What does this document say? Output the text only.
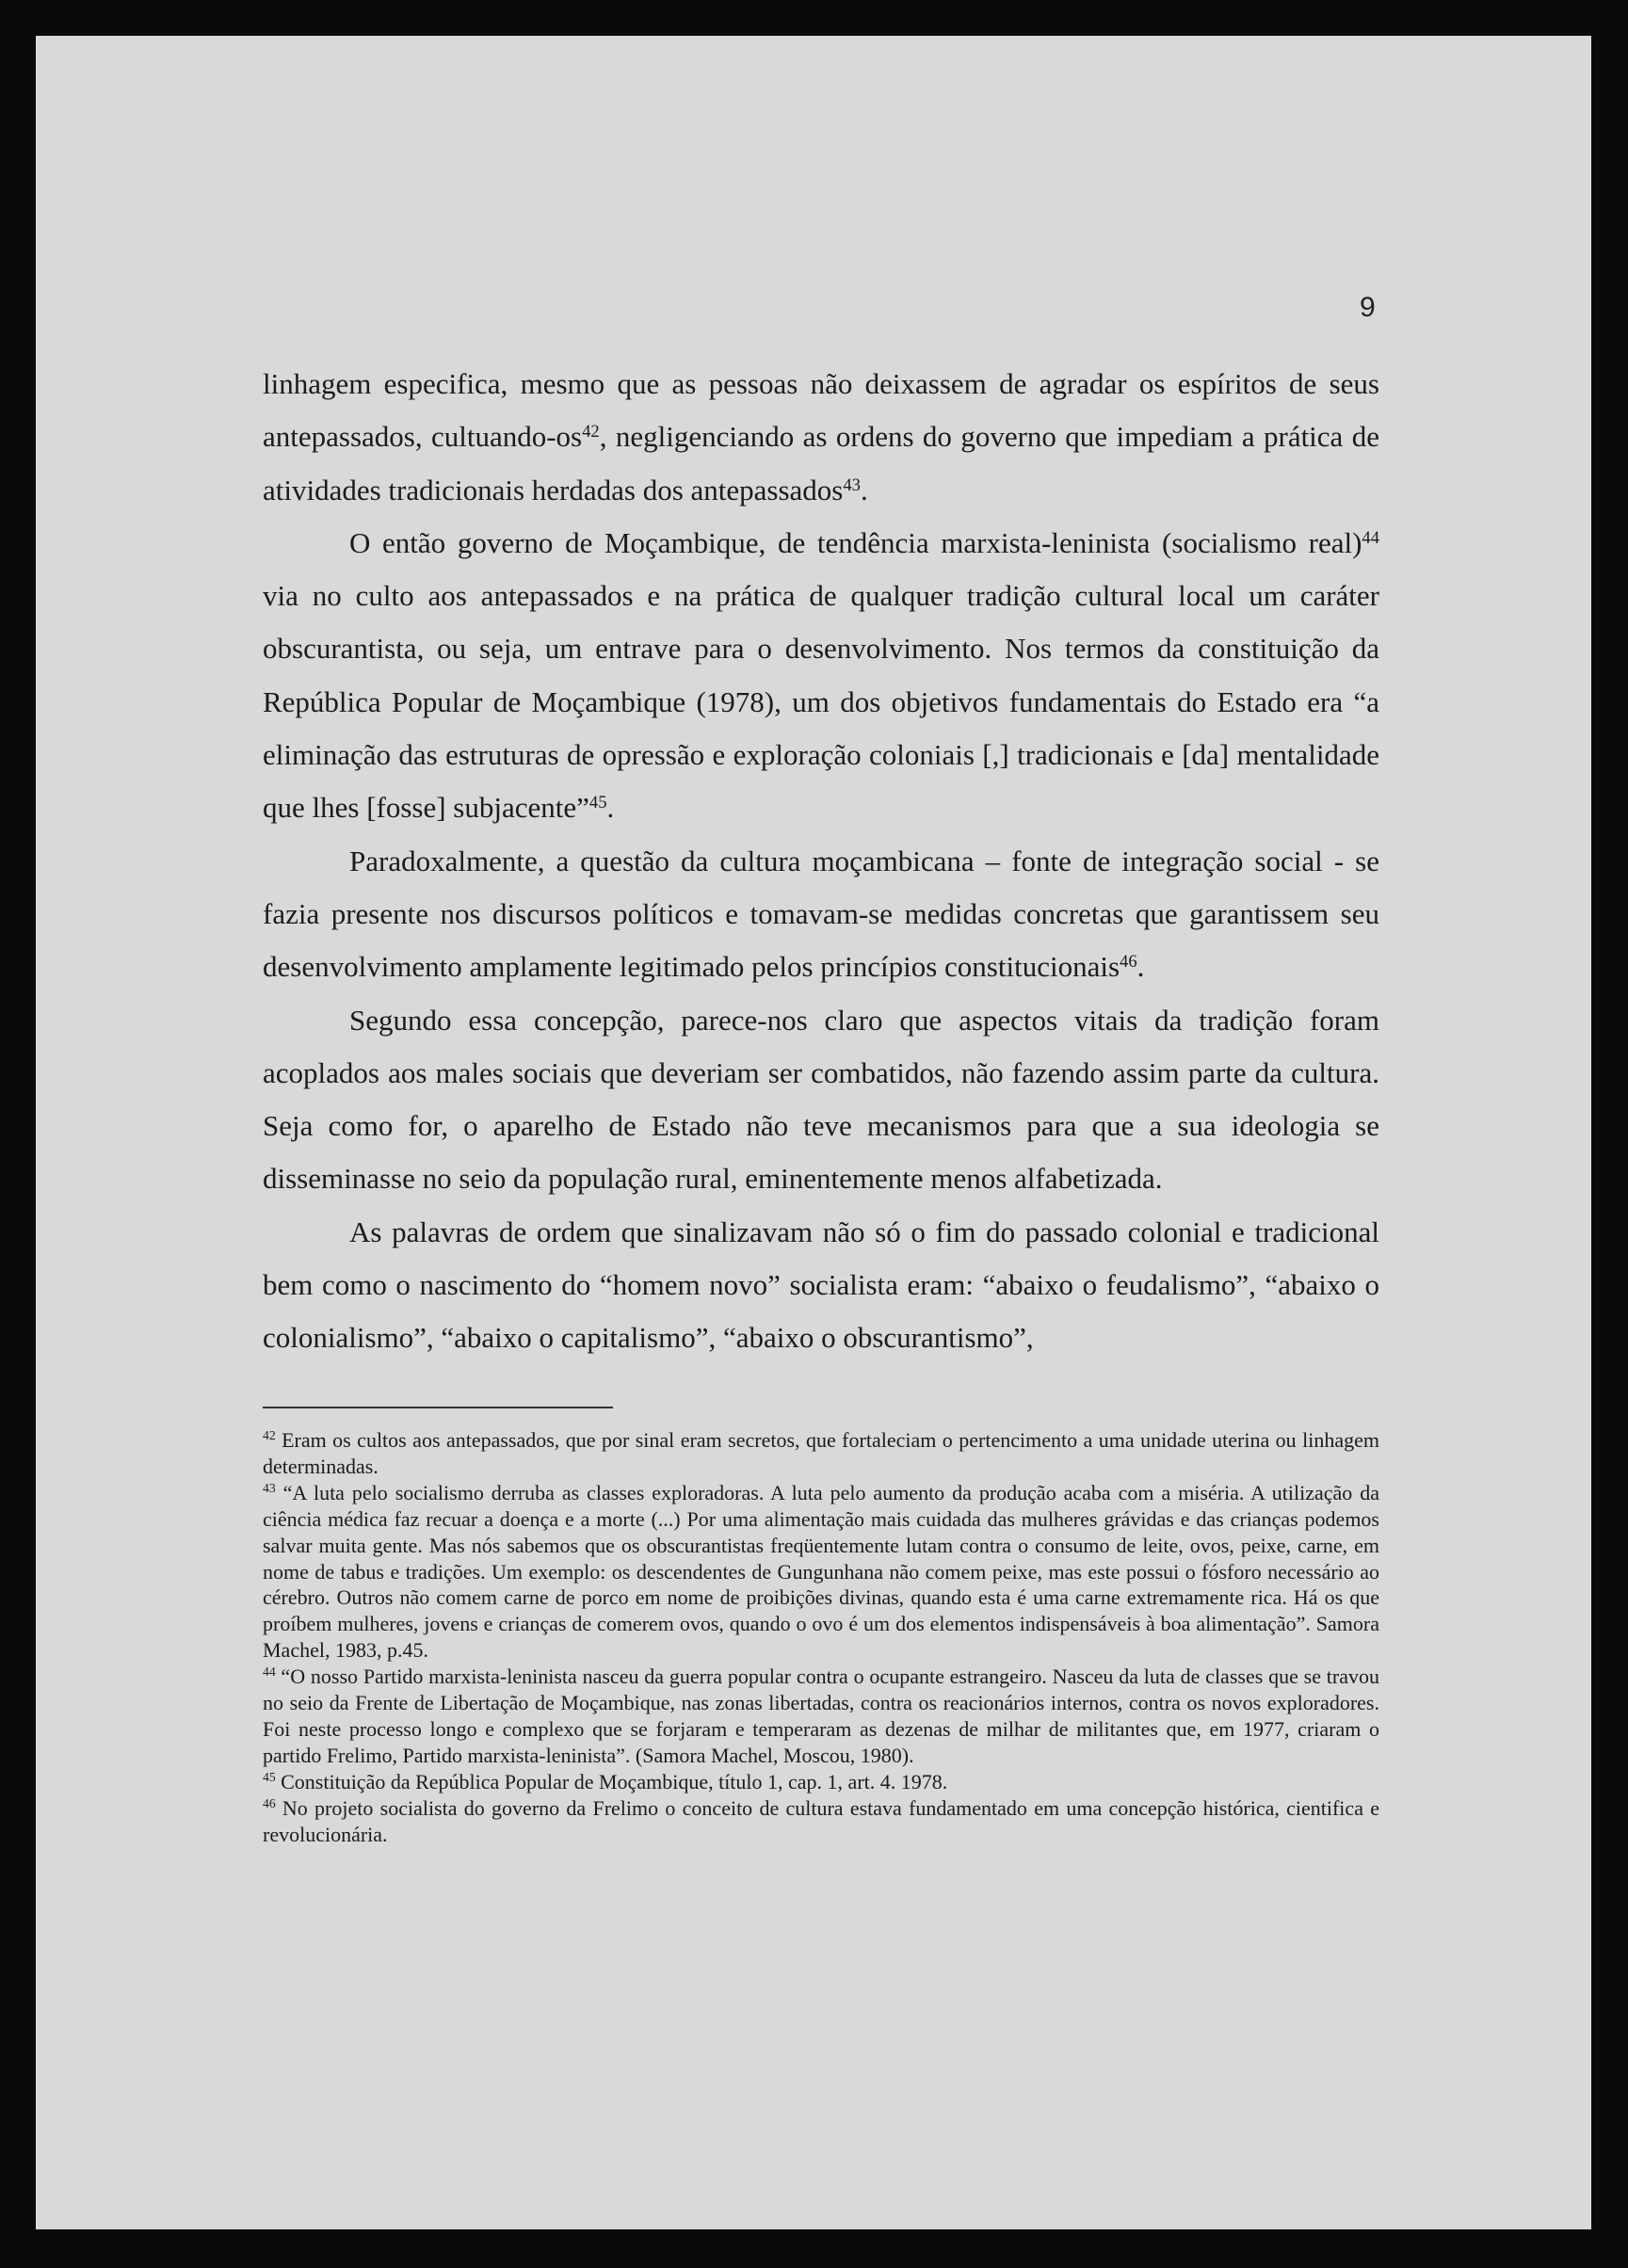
9

linhagem especifica, mesmo que as pessoas não deixassem de agradar os espíritos de seus antepassados, cultuando-$os^{42}$, negligenciando as ordens do governo que impediam a prática de atividades tradicionais herdadas dos antepassados$^{43}$.

O então governo de Moçambique, de tendência marxista-leninista (socialismo real)$^{44}$ via no culto aos antepassados e na prática de qualquer tradição cultural local um caráter obscurantista, ou seja, um entrave para o desenvolvimento. Nos termos da constituição da República Popular de Moçambique (1978), um dos objetivos fundamentais do Estado era “a eliminação das estruturas de opressão e exploração coloniais [,] tradicionais e [da] mentalidade que lhes [fosse] subjacente”$^{45}$.

Paradoxalmente, a questão da cultura moçambicana – fonte de integração social - se fazia presente nos discursos políticos e tomavam-se medidas concretas que garantissem seu desenvolvimento amplamente legitimado pelos princípios constitucionais$^{46}$.

Segundo essa concepção, parece-nos claro que aspectos vitais da tradição foram acoplados aos males sociais que deveriam ser combatidos, não fazendo assim parte da cultura. Seja como for, o aparelho de Estado não teve mecanismos para que a sua ideologia se disseminasse no seio da população rural, eminentemente menos alfabetizada.

As palavras de ordem que sinalizavam não só o fim do passado colonial e tradicional bem como o nascimento do “homem novo” socialista eram: “abaixo o feudalismo”, “abaixo o colonialismo”, “abaixo o capitalismo”, “abaixo o obscurantismo”,

$^{42}$ Eram os cultos aos antepassados, que por sinal eram secretos, que fortaleciam o pertencimento a uma unidade uterina ou linhagem determinadas.

$^{43}$ “A luta pelo socialismo derruba as classes exploradoras. A luta pelo aumento da produção acaba com a miséria. A utilização da ciência médica faz recuar a doença e a morte (...) Por uma alimentação mais cuidada das mulheres grávidas e das crianças podemos salvar muita gente. Mas nós sabemos que os obscurantistas freqüentemente lutam contra o consumo de leite, ovos, peixe, carne, em nome de tabus e tradições. Um exemplo: os descendentes de Gungunhana não comem peixe, mas este possui o fósforo necessário ao cérebro. Outros não comem carne de porco em nome de proibições divinas, quando esta é uma carne extremamente rica. Há os que proíbem mulheres, jovens e crianças de comerem ovos, quando o ovo é um dos elementos indispensáveis à boa alimentação”. Samora Machel, 1983, p.45.

$^{44}$ “O nosso Partido marxista-leninista nasceu da guerra popular contra o ocupante estrangeiro. Nasceu da luta de classes que se travou no seio da Frente de Libertação de Moçambique, nas zonas libertadas, contra os reacionários internos, contra os novos exploradores. Foi neste processo longo e complexo que se forjaram e temperaram as dezenas de milhar de militantes que, em 1977, criaram o partido Frelimo, Partido marxista-leninista”. (Samora Machel, Moscou, 1980).

$^{45}$ Constituição da República Popular de Moçambique, título 1, cap. 1, art. 4. 1978.

$^{46}$ No projeto socialista do governo da Frelimo o conceito de cultura estava fundamentado em uma concepção histórica, cientifica e revolucionária.
